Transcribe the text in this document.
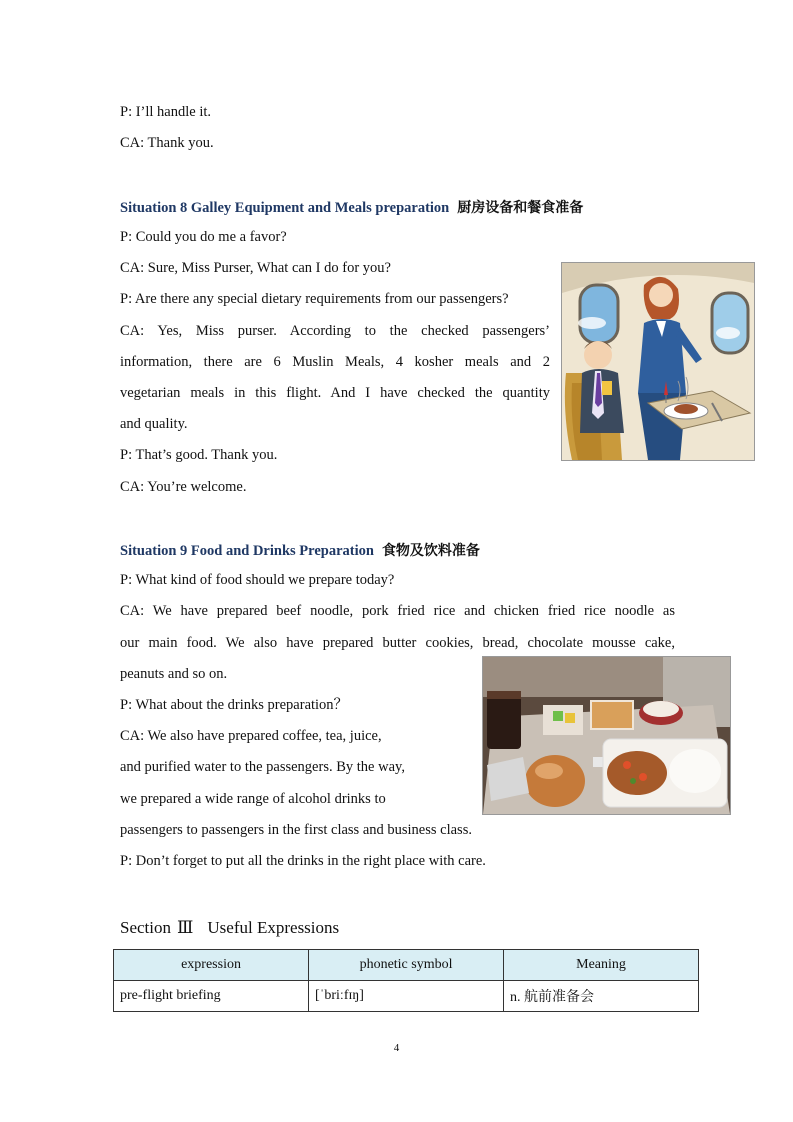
P: I’ll handle it.
CA: Thank you.
Situation 8 Galley Equipment and Meals preparation 厨房设备和餐食准备
P: Could you do me a favor?
CA: Sure, Miss Purser, What can I do for you?
P: Are there any special dietary requirements from our passengers?
CA: Yes, Miss purser. According to the checked passengers’
information, there are 6 Muslin Meals, 4 kosher meals and 2
vegetarian meals in this flight. And I have checked the quantity
and quality.
P: That’s good. Thank you.
CA: You’re welcome.
Situation 9 Food and Drinks Preparation 食物及饮料准备
P: What kind of food should we prepare today?
CA: We have prepared beef noodle, pork fried rice and chicken fried rice noodle as
our main food. We also have prepared butter cookies, bread, chocolate mousse cake,
peanuts and so on.
P: What about the drinks preparation？
CA: We also have prepared coffee, tea, juice,
and purified water to the passengers. By the way,
we prepared a wide range of alcohol drinks to
passengers to passengers in the first class and business class.
P: Don’t forget to put all the drinks in the right place with care.
Section Ⅲ Useful Expressions
expression	phonetic symbol	Meaning
pre-flight briefing	[ˈbriːfɪŋ]	n. 航前准备会
4
